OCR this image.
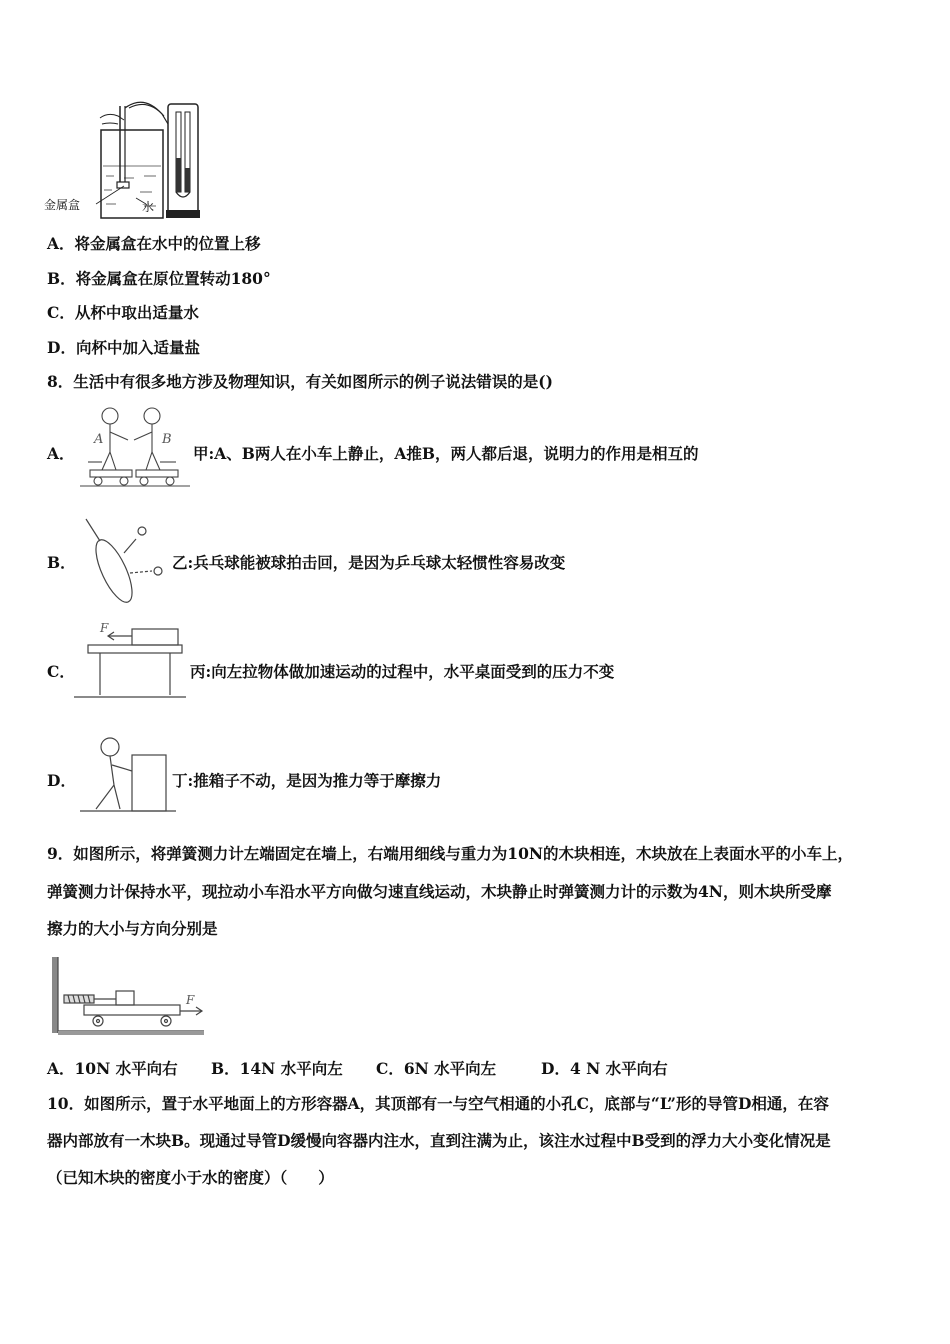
金属盒	水
A．将金属盒在水中的位置上移
B．将金属盒在原位置转动180°
C．从杯中取出适量水
D．向杯中加入适量盐
8．生活中有很多地方涉及物理知识，有关如图所示的例子说法错误的是()
A．
A	B
甲:A、B两人在小车上静止，A推B，两人都后退，说明力的作用是相互的
B．	乙:兵乓球能被球拍击回，是因为乒乓球太轻惯性容易改变
C．
F
丙:向左拉物体做加速运动的过程中，水平桌面受到的压力不变
D．	丁:推箱子不动，是因为推力等于摩擦力
9．如图所示，将弹簧测力计左端固定在墙上，右端用细线与重力为10N的木块相连，木块放在上表面水平的小车上，
弹簧测力计保持水平，现拉动小车沿水平方向做匀速直线运动，木块静止时弹簧测力计的示数为4N，则木块所受摩
擦力的大小与方向分别是
F
A．10N 水平向右 B．14N 水平向左 C．6N 水平向左	D．4 N 水平向右
10．如图所示，置于水平地面上的方形容器A，其顶部有一与空气相通的小孔C，底部与“L”形的导管D相通，在容
器内部放有一木块B。现通过导管D缓慢向容器内注水，直到注满为止，该注水过程中B受到的浮力大小变化情况是
（已知木块的密度小于水的密度）（　　）
